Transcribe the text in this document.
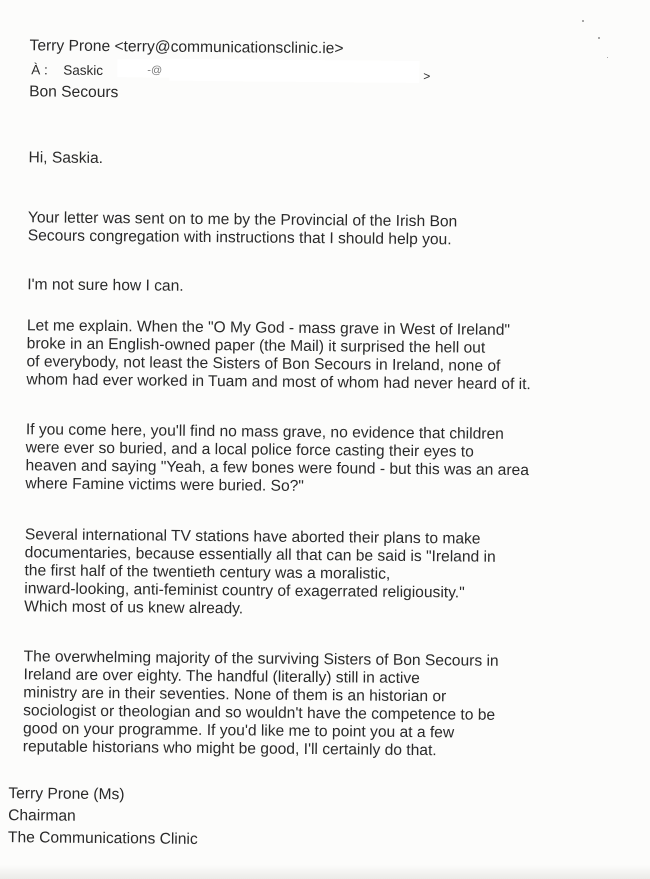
Terry Prone <terry@communicationsclinic.ie>
À : Saskic	-@	>
Bon Secours
Hi, Saskia.
Your letter was sent on to me by the Provincial of the Irish Bon
Secours congregation with instructions that I should help you.
I'm not sure how I can.
Let me explain. When the "O My God - mass grave in West of Ireland"
broke in an English-owned paper (the Mail) it surprised the hell out
of everybody, not least the Sisters of Bon Secours in Ireland, none of
whom had ever worked in Tuam and most of whom had never heard of it.
If you come here, you'll find no mass grave, no evidence that children
were ever so buried, and a local police force casting their eyes to
heaven and saying "Yeah, a few bones were found - but this was an area
where Famine victims were buried. So?"
Several international TV stations have aborted their plans to make
documentaries, because essentially all that can be said is "Ireland in
the first half of the twentieth century was a moralistic,
inward-looking, anti-feminist country of exagerrated religiousity."
Which most of us knew already.
The overwhelming majority of the surviving Sisters of Bon Secours in
Ireland are over eighty. The handful (literally) still in active
ministry are in their seventies. None of them is an historian or
sociologist or theologian and so wouldn't have the competence to be
good on your programme. If you'd like me to point you at a few
reputable historians who might be good, I'll certainly do that.
Terry Prone (Ms)
Chairman
The Communications Clinic
